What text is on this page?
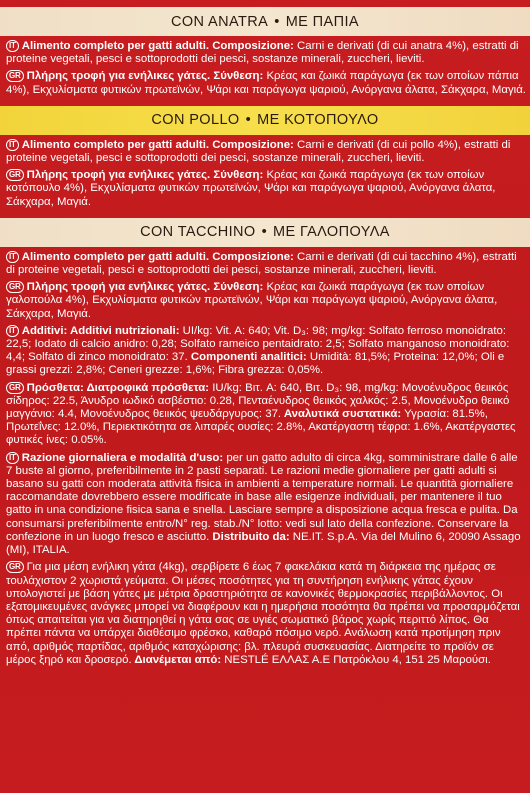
CON ANATRA • ΜΕ ΠΑΠΙΑ

IT Alimento completo per gatti adulti. Composizione: Carni e derivati (di cui anatra 4%), estratti di proteine vegetali, pesci e sottoprodotti dei pesci, sostanze minerali, zuccheri, lieviti.

GR Πλήρης τροφή για ενήλικες γάτες. Σύνθεση: Κρέας και ζωικά παράγωγα (εκ των οποίων πάπια 4%), Εκχυλίσματα φυτικών πρωτεϊνών, Ψάρι και παράγωγα ψαριού, Ανόργανα άλατα, Σάκχαρα, Μαγιά.

CON POLLO • ΜΕ ΚΟΤΟΠΟΥΛΟ

IT Alimento completo per gatti adulti. Composizione: Carni e derivati (di cui pollo 4%), estratti di proteine vegetali, pesci e sottoprodotti dei pesci, sostanze minerali, zuccheri, lieviti.

GR Πλήρης τροφή για ενήλικες γάτες. Σύνθεση: Κρέας και ζωικά παράγωγα (εκ των οποίων κοτόπουλο 4%), Εκχυλίσματα φυτικών πρωτεϊνών, Ψάρι και παράγωγα ψαριού, Ανόργανα άλατα, Σάκχαρα, Μαγιά.

CON TACCHINO • ΜΕ ΓΑΛΟΠΟΥΛΑ

IT Alimento completo per gatti adulti. Composizione: Carni e derivati (di cui tacchino 4%), estratti di proteine vegetali, pesci e sottoprodotti dei pesci, sostanze minerali, zuccheri, lieviti.

GR Πλήρης τροφή για ενήλικες γάτες. Σύνθεση: Κρέας και ζωικά παράγωγα (εκ των οποίων γαλοπούλα 4%), Εκχυλίσματα φυτικών πρωτεϊνών, Ψάρι και παράγωγα ψαριού, Ανόργανα άλατα, Σάκχαρα, Μαγιά.

IT Additivi: Additivi nutrizionali: UI/kg: Vit. A: 640; Vit. D₃: 98; mg/kg: Solfato ferroso monoidrato: 22,5; Iodato di calcio anidro: 0,28; Solfato rameico pentaidrato: 2,5; Solfato manganoso monoidrato: 4,4; Solfato di zinco monoidrato: 37. Componenti analitici: Umidità: 81,5%; Proteina: 12,0%; Oli e grassi grezzi: 2,8%; Ceneri grezze: 1,6%; Fibra grezza: 0,05%.

GR Πρόσθετα: Διατροφικά πρόσθετα: IU/kg: Βιτ. A: 640, Βιτ. D₃: 98, mg/kg: Μονοένυδρος θειικός σίδηρος: 22.5, Άνυδρο ιωδικό ασβέστιο: 0.28, Πενταένυδρος θειικός χαλκός: 2.5, Μονοένυδρο θειικό μαγγάνιο: 4.4, Μονοένυδρος θειικός ψευδάργυρος: 37. Αναλυτικά συστατικά: Υγρασία: 81.5%, Πρωτεΐνες: 12.0%, Περιεκτικότητα σε λιπαρές ουσίες: 2.8%, Ακατέργαστη τέφρα: 1.6%, Ακατέργαστες φυτικές ίνες: 0.05%.

IT Razione giornaliera e modalità d'uso: per un gatto adulto di circa 4kg, somministrare dalle 6 alle 7 buste al giorno, preferibilmente in 2 pasti separati. Le razioni medie giornaliere per gatti adulti si basano su gatti con moderata attività fisica in ambienti a temperature normali. Le quantità giornaliere raccomandate dovrebbero essere modificate in base alle esigenze individuali, per mantenere il tuo gatto in una condizione fisica sana e snella. Lasciare sempre a disposizione acqua fresca e pulita. Da consumarsi preferibilmente entro/N° reg. stab./N° lotto: vedi sul lato della confezione. Conservare la confezione in un luogo fresco e asciutto. Distribuito da: NE.IT. S.p.A. Via del Mulino 6, 20090 Assago (MI), ITALIA.

GR Για μια μέση ενήλικη γάτα (4kg), σερβίρετε 6 έως 7 φακελάκια κατά τη διάρκεια της ημέρας σε τουλάχιστον 2 χωριστά γεύματα. Οι μέσες ποσότητες για τη συντήρηση ενήλικης γάτας έχουν υπολογιστεί με βάση γάτες με μέτρια δραστηριότητα σε κανονικές θερμοκρασίες περιβάλλοντος. Οι εξατομικευμένες ανάγκες μπορεί να διαφέρουν και η ημερήσια ποσότητα θα πρέπει να προσαρμόζεται όπως απαιτείται για να διατηρηθεί η γάτα σας σε υγιές σωματικό βάρος χωρίς περιττό λίπος. Θα πρέπει πάντα να υπάρχει διαθέσιμο φρέσκο, καθαρό πόσιμο νερό. Ανάλωση κατά προτίμηση πριν από, αριθμός παρτίδας, αριθμός καταχώρισης: βλ. πλευρά συσκευασίας. Διατηρείτε το προϊόν σε μέρος ξηρό και δροσερό. Διανέμεται από: NESTLÉ ΕΛΛΑΣ Α.Ε Πατρόκλου 4, 151 25 Μαρούσι.
